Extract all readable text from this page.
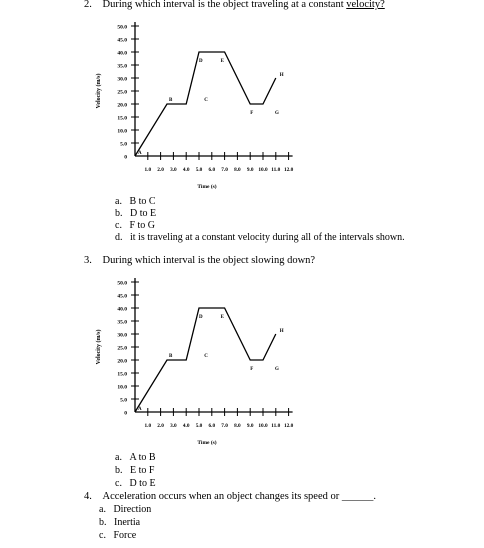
2. During which interval is the object traveling at a constant velocity?
0
5.0
10.0
15.0
20.0
25.0
30.0
35.0
40.0
45.0
50.0
1.0 2.0 3.0 4.0 5.0 6.0 7.0 8.0 9.0 10.0 11.0 12.0
Velocity (m/s)
Time (s)
A
B	C
D	E
F	G
H
a. B to C
b. D to E
c. F to G
d. it is traveling at a constant velocity during all of the intervals shown.
3. During which interval is the object slowing down?
0
5.0
10.0
15.0
20.0
25.0
30.0
35.0
40.0
45.0
50.0
1.0 2.0 3.0 4.0 5.0 6.0 7.0 8.0 9.0 10.0 11.0 12.0
Velocity (m/s)
Time (s)
A
B	C
D	E
F	G
H
a. A to B
b. E to F
c. D to E
4. Acceleration occurs when an object changes its speed or ______.
a. Direction
b. Inertia
c. Force
